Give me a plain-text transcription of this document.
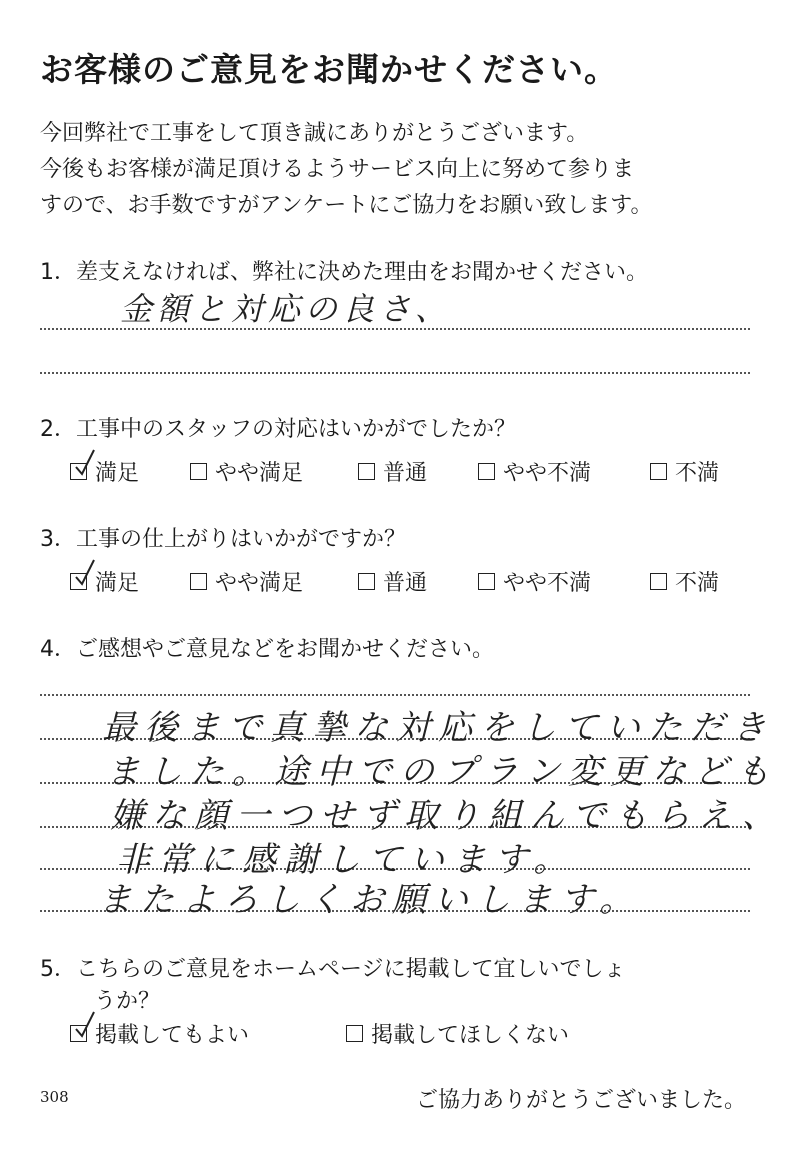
お客様のご意見をお聞かせください。
今回弊社で工事をして頂き誠にありがとうございます。
今後もお客様が満足頂けるようサービス向上に努めて参りま
すので、お手数ですがアンケートにご協力をお願い致します。
1．差支えなければ、弊社に決めた理由をお聞かせください。
金額と対応の良さ、
2．工事中のスタッフの対応はいかがでしたか？
満足	やや満足	普通	やや不満	不満
3．工事の仕上がりはいかがですか？
満足	やや満足	普通	やや不満	不満
4．ご感想やご意見などをお聞かせください。
最後まで真摯な対応をしていただき
ました。途中でのプラン変更なども
嫌な顔一つせず取り組んでもらえ、
非常に感謝しています。
またよろしくお願いします。
5．こちらのご意見をホームページに掲載して宜しいでしょ
うか？
掲載してもよい	掲載してほしくない
308	ご協力ありがとうございました。
